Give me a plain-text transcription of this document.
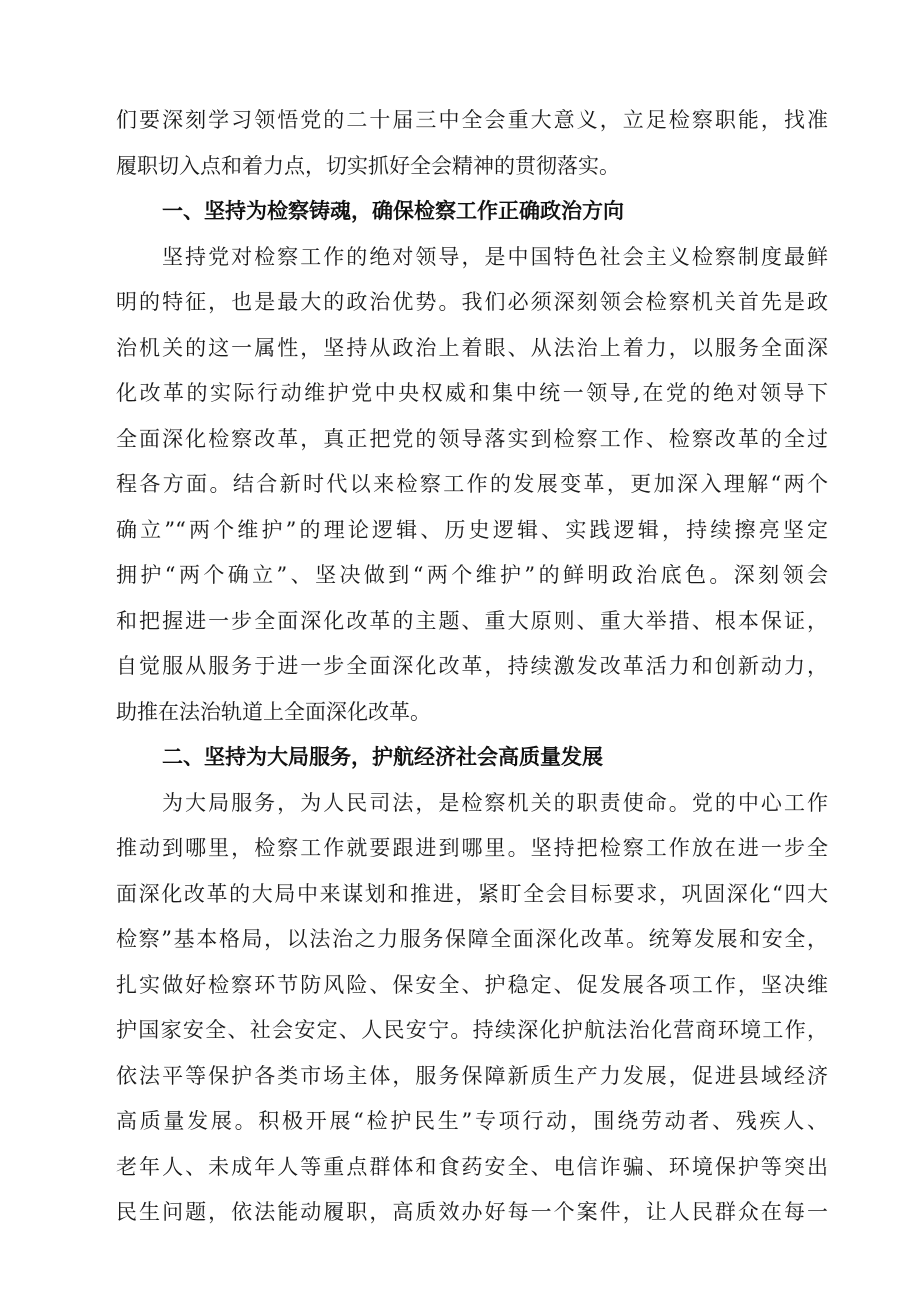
们要深刻学习领悟党的二十届三中全会重大意义，立足检察职能，找准
履职切入点和着力点，切实抓好全会精神的贯彻落实。
一、坚持为检察铸魂，确保检察工作正确政治方向
坚持党对检察工作的绝对领导，是中国特色社会主义检察制度最鲜
明的特征，也是最大的政治优势。我们必须深刻领会检察机关首先是政
治机关的这一属性，坚持从政治上着眼、从法治上着力，以服务全面深
化改革的实际行动维护党中央权威和集中统一领导,在党的绝对领导下
全面深化检察改革，真正把党的领导落实到检察工作、检察改革的全过
程各方面。结合新时代以来检察工作的发展变革，更加深入理解“两个
确立”“两个维护”的理论逻辑、历史逻辑、实践逻辑，持续擦亮坚定
拥护“两个确立”、坚决做到“两个维护”的鲜明政治底色。深刻领会
和把握进一步全面深化改革的主题、重大原则、重大举措、根本保证，
自觉服从服务于进一步全面深化改革，持续激发改革活力和创新动力，
助推在法治轨道上全面深化改革。
二、坚持为大局服务，护航经济社会高质量发展
为大局服务，为人民司法，是检察机关的职责使命。党的中心工作
推动到哪里，检察工作就要跟进到哪里。坚持把检察工作放在进一步全
面深化改革的大局中来谋划和推进，紧盯全会目标要求，巩固深化“四大
检察”基本格局，以法治之力服务保障全面深化改革。统筹发展和安全，
扎实做好检察环节防风险、保安全、护稳定、促发展各项工作，坚决维
护国家安全、社会安定、人民安宁。持续深化护航法治化营商环境工作，
依法平等保护各类市场主体，服务保障新质生产力发展，促进县域经济
高质量发展。积极开展“检护民生”专项行动，围绕劳动者、残疾人、
老年人、未成年人等重点群体和食药安全、电信诈骗、环境保护等突出
民生问题，依法能动履职，高质效办好每一个案件，让人民群众在每一
